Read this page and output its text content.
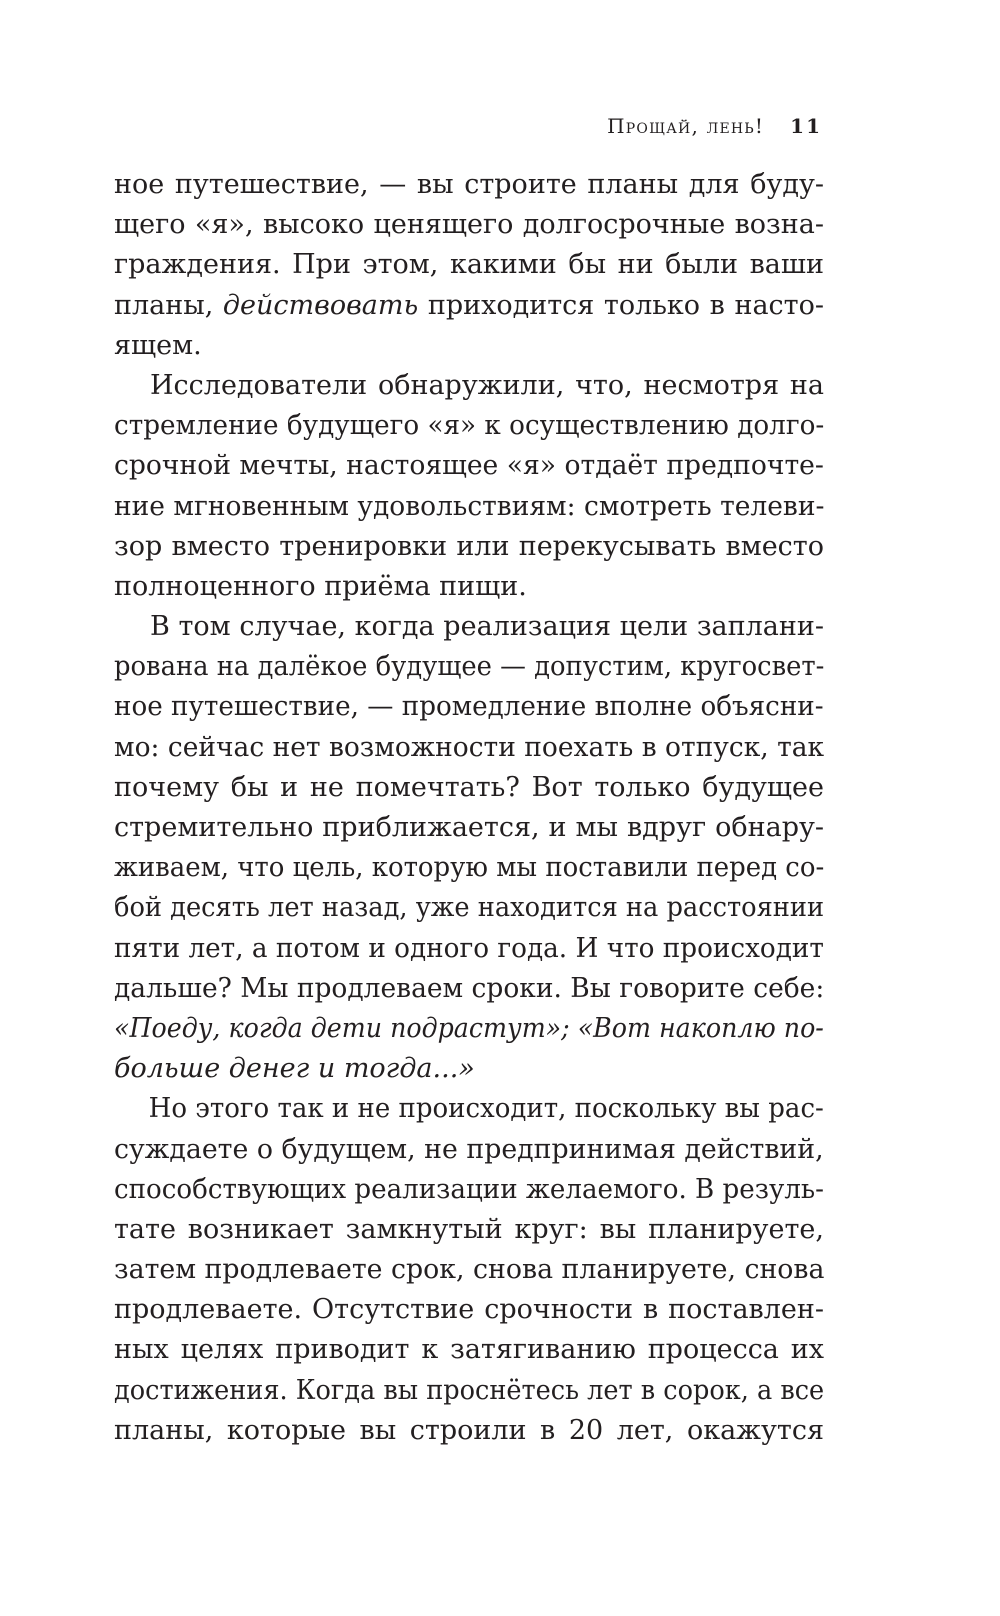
Прощай, лень! 11
ное путешествие, — вы строите планы для буду-
щего «я», высоко ценящего долгосрочные возна-
граждения. При этом, какими бы ни были ваши
планы, действовать приходится только в насто-
ящем.
Исследователи обнаружили, что, несмотря на
стремление будущего «я» к осуществлению долго-
срочной мечты, настоящее «я» отдаёт предпочте-
ние мгновенным удовольствиям: смотреть телеви-
зор вместо тренировки или перекусывать вместо
полноценного приёма пищи.
В том случае, когда реализация цели заплани-
рована на далёкое будущее — допустим, кругосвет-
ное путешествие, — промедление вполне объясни-
мо: сейчас нет возможности поехать в отпуск, так
почему бы и не помечтать? Вот только будущее
стремительно приближается, и мы вдруг обнару-
живаем, что цель, которую мы поставили перед со-
бой десять лет назад, уже находится на расстоянии
пяти лет, а потом и одного года. И что происходит
дальше? Мы продлеваем сроки. Вы говорите себе:
«Поеду, когда дети подрастут»; «Вот накоплю по-
больше денег и тогда...»
Но этого так и не происходит, поскольку вы рас-
суждаете о будущем, не предпринимая действий,
способствующих реализации желаемого. В резуль-
тате возникает замкнутый круг: вы планируете,
затем продлеваете срок, снова планируете, снова
продлеваете. Отсутствие срочности в поставлен-
ных целях приводит к затягиванию процесса их
достижения. Когда вы проснётесь лет в сорок, а все
планы, которые вы строили в 20 лет, окажутся
